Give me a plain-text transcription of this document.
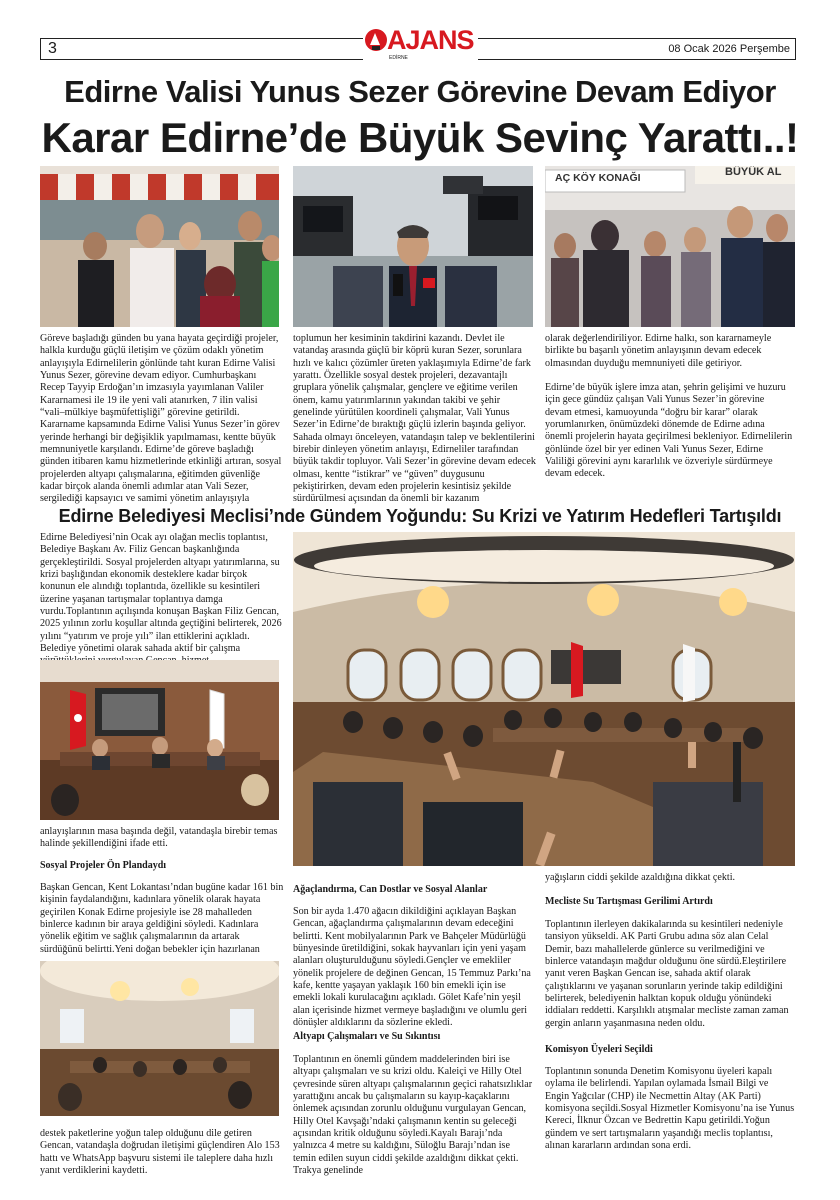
3	AJANS
EDİRNE
08 Ocak 2026 Perşembe
Edirne Valisi Yunus Sezer Görevine Devam Ediyor
Karar Edirne’de Büyük Sevinç Yarattı..!
AÇ KÖY KONAĞI	BÜYÜK AL
Göreve başladığı günden bu yana hayata geçirdiği projeler, halkla kurduğu güçlü iletişim ve çözüm odaklı yönetim anlayışıyla Edirnelilerin gönlünde taht kuran Edirne Valisi Yunus Sezer, görevine devam ediyor. Cumhurbaşkanı Recep Tayyip Erdoğan’ın imzasıyla yayımlanan Valiler Kararnamesi ile 19 ile yeni vali atanırken, 7 ilin valisi “vali–mülkiye başmüfettişliği” görevine getirildi. Kararname kapsamında Edirne Valisi Yunus Sezer’in görev yerinde herhangi bir değişiklik yapılmaması, kentte büyük memnuniyetle karşılandı. Edirne’de göreve başladığı günden itibaren kamu hizmetlerinde etkinliği artıran, sosyal projelerden altyapı çalışmalarına, eğitimden güvenliğe kadar birçok alanda önemli adımlar atan Vali Sezer, sergilediği kapsayıcı ve samimi yönetim anlayışıyla
toplumun her kesiminin takdirini kazandı. Devlet ile vatandaş arasında güçlü bir köprü kuran Sezer, sorunlara hızlı ve kalıcı çözümler üreten yaklaşımıyla Edirne’de fark yarattı. Özellikle sosyal destek projeleri, dezavantajlı gruplara yönelik çalışmalar, gençlere ve eğitime verilen önem, kamu yatırımlarının yakından takibi ve şehir genelinde yürütülen koordineli çalışmalar, Vali Yunus Sezer’in Edirne’de bıraktığı güçlü izlerin başında geliyor. Sahada olmayı önceleyen, vatandaşın talep ve beklentilerini birebir dinleyen yönetim anlayışı, Edirneliler tarafından büyük takdir topluyor. Vali Sezer’in görevine devam edecek olması, kentte “istikrar” ve “güven” duygusunu pekiştirirken, devam eden projelerin kesintisiz şekilde sürdürülmesi açısından da önemli bir kazanım
olarak değerlendiriliyor. Edirne halkı, son kararnameyle birlikte bu başarılı yönetim anlayışının devam edecek olmasından duyduğu memnuniyeti dile getiriyor.
Edirne’de büyük işlere imza atan, şehrin gelişimi ve huzuru için gece gündüz çalışan Vali Yunus Sezer’in görevine devam etmesi, kamuoyunda “doğru bir karar” olarak yorumlanırken, önümüzdeki dönemde de Edirne adına önemli projelerin hayata geçirilmesi bekleniyor. Edirnelilerin gönlünde özel bir yer edinen Vali Yunus Sezer, Edirne Valiliği görevini aynı kararlılık ve özveriyle sürdürmeye devam edecek.
Edirne Belediyesi Meclisi’nde Gündem Yoğundu: Su Krizi ve Yatırım Hedefleri Tartışıldı
Edirne Belediyesi’nin Ocak ayı olağan meclis toplantısı, Belediye Başkanı Av. Filiz Gencan başkanlığında gerçekleştirildi. Sosyal projelerden altyapı yatırımlarına, su krizi başlığından ekonomik desteklere kadar birçok konunun ele alındığı toplantıda, özellikle su kesintileri üzerine yaşanan tartışmalar toplantıya damga vurdu.Toplantının açılışında konuşan Başkan Filiz Gencan, 2025 yılının zorlu koşullar altında geçtiğini belirterek, 2026 yılını “yatırım ve proje yılı” ilan ettiklerini açıkladı. Belediye yönetimi olarak sahada aktif bir çalışma
anlayışlarının masa başında değil, vatandaşla birebir temas halinde şekillendiğini ifade etti.
Sosyal Projeler Ön Plandaydı
Başkan Gencan, Kent Lokantası’ndan bugüne kadar 161 bin kişinin faydalandığını, kadınlara yönelik olarak hayata geçirilen Konak Edirne projesiyle ise 28 mahalleden binlerce kadının bir araya geldiğini söyledi. Kadınlara yönelik eğitim ve sağlık çalışmalarının da artarak sürdüğünü belirtti.Yeni doğan bebekler için hazırlanan
destek paketlerine yoğun talep olduğunu dile getiren Gencan, vatandaşla doğrudan iletişimi güçlendiren Alo 153 hattı ve WhatsApp başvuru sistemi ile taleplere daha hızlı yanıt verdiklerini kaydetti.
Ağaçlandırma, Can Dostlar ve Sosyal Alanlar
Son bir ayda 1.470 ağacın dikildiğini açıklayan Başkan Gencan, ağaçlandırma çalışmalarının devam edeceğini belirtti. Kent mobilyalarının Park ve Bahçeler Müdürlüğü bünyesinde üretildiğini, sokak hayvanları için yeni yaşam alanları oluşturulduğunu söyledi.Gençler ve emekliler yönelik projelere de değinen Gencan, 15 Temmuz Parkı’na kafe, kentte yaşayan yaklaşık 160 bin emekli için ise emekli lokali kurulacağını açıkladı. Gölet Kafe’nin yeşil alan içerisinde hizmet vermeye başladığını ve olumlu geri dönüşler aldıklarını da sözlerine ekledi.
Altyapı Çalışmaları ve Su Sıkıntısı
Toplantının en önemli gündem maddelerinden biri ise altyapı çalışmaları ve su krizi oldu. Kaleiçi ve Hilly Otel çevresinde süren altyapı çalışmalarının geçici rahatsızlıklar yarattığını ancak bu çalışmaların su kayıp-kaçaklarını önlemek açısından zorunlu olduğunu vurgulayan Gencan, Hilly Otel Kavşağı’ndaki çalışmanın kentin su geleceği açısından kritik olduğunu söyledi.Kayalı Barajı’nda yalnızca 4 metre su kaldığını, Süloğlu Barajı’ndan ise temin edilen suyun ciddi şekilde azaldığını dikkat çekti. Trakya genelinde
yağışların ciddi şekilde azaldığına dikkat çekti.
Mecliste Su Tartışması Gerilimi Artırdı
Toplantının ilerleyen dakikalarında su kesintileri nedeniyle tansiyon yükseldi. AK Parti Grubu adına söz alan Celal Demir, bazı mahallelerde günlerce su verilmediğini ve binlerce vatandaşın mağdur olduğunu öne sürdü.Eleştirilere yanıt veren Başkan Gencan ise, sahada aktif olarak çalıştıklarını ve yaşanan sorunların yerinde takip edildiğini belirterek, belediyenin halktan kopuk olduğu yönündeki iddiaları reddetti. Karşılıklı atışmalar mecliste zaman zaman gergin anların yaşanmasına neden oldu.
Komisyon Üyeleri Seçildi
Toplantının sonunda Denetim Komisyonu üyeleri kapalı oylama ile belirlendi. Yapılan oylamada İsmail Bilgi ve Engin Yağcılar (CHP) ile Necmettin Altay (AK Parti) komisyona seçildi.Sosyal Hizmetler Komisyonu’na ise Yunus Kereci, İlknur Özcan ve Bedrettin Kapu getirildi.Yoğun gündem ve sert tartışmaların yaşandığı meclis toplantısı, alınan kararların ardından sona erdi.
